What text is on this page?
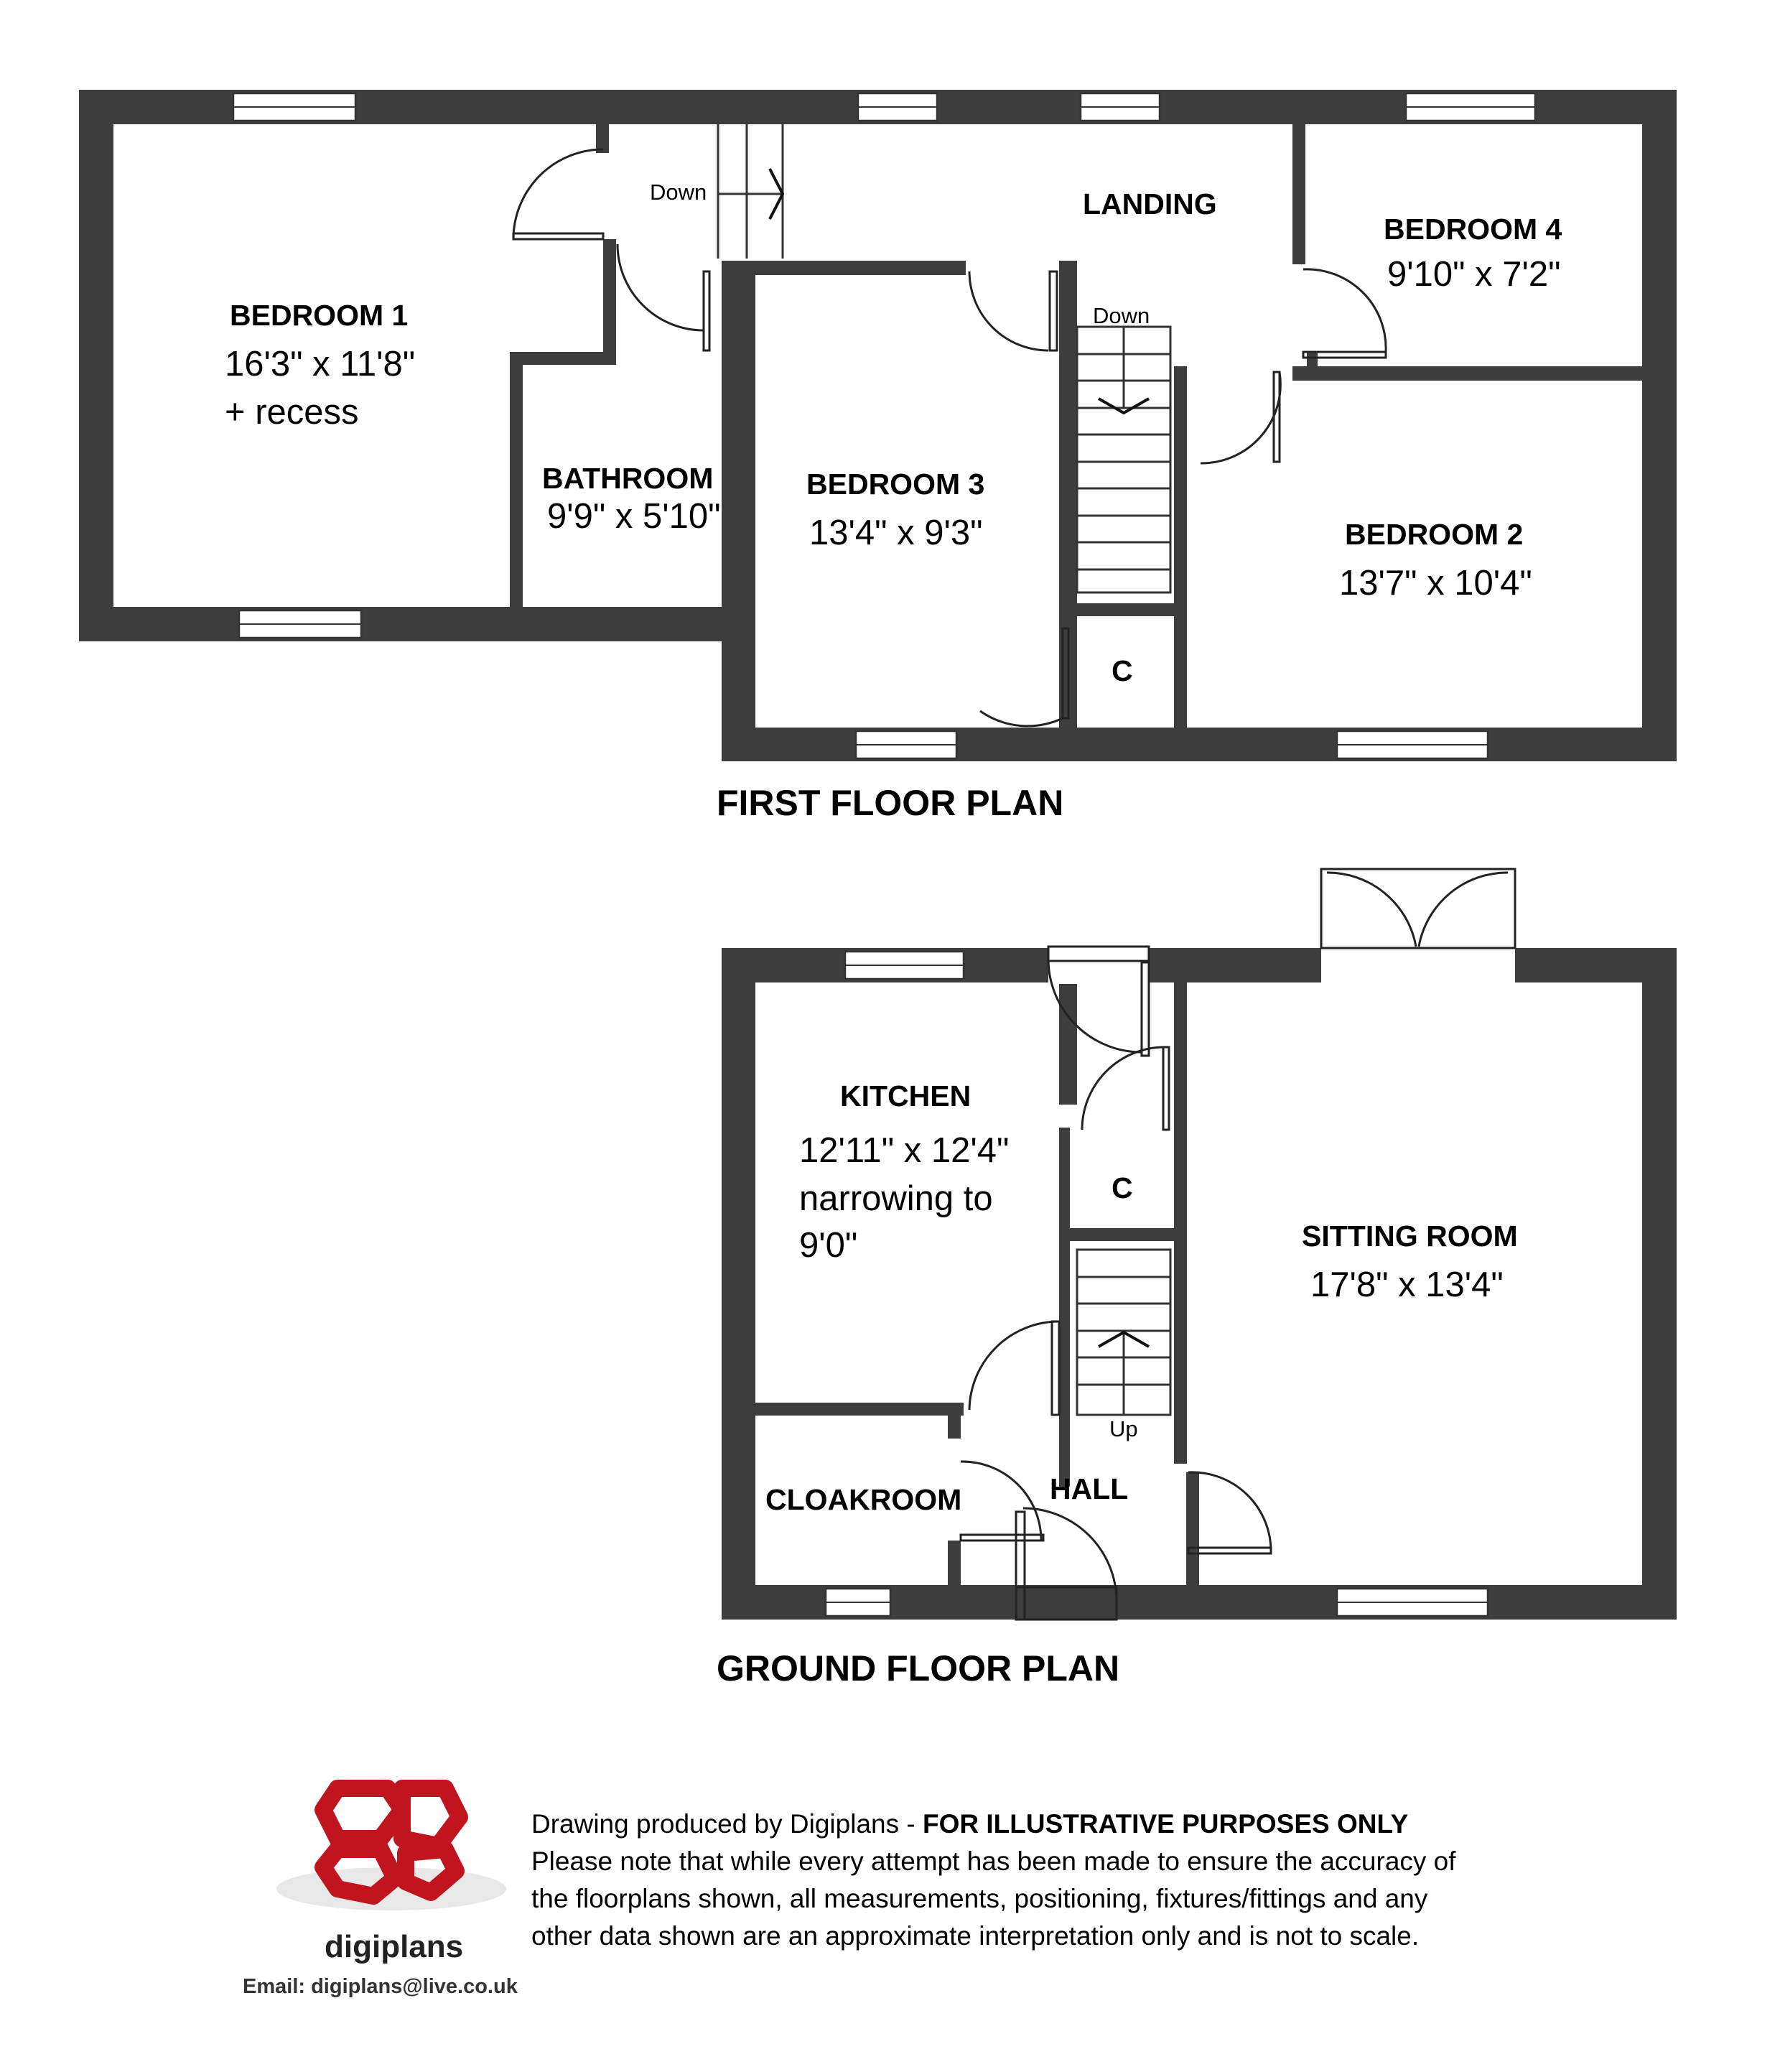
BEDROOM 1
16'3" x 11'8"
+ recess
BATHROOM
9'9" x 5'10"
Down	LANDING
BEDROOM 4
9'10" x 7'2"
Down
BEDROOM 3
13'4" x 9'3"	BEDROOM 2
13'7" x 10'4"
C
FIRST FLOOR PLAN
KITCHEN
12'11" x 12'4"
narrowing to
9'0"
C
SITTING ROOM
17'8" x 13'4"
Up
CLOAKROOM	HALL
GROUND FLOOR PLAN
digiplans
Email: digiplans@live.co.uk
Drawing produced by Digiplans - FOR ILLUSTRATIVE PURPOSES ONLY
Please note that while every attempt has been made to ensure the accuracy of
the floorplans shown, all measurements, positioning, fixtures/fittings and any
other data shown are an approximate interpretation only and is not to scale.
